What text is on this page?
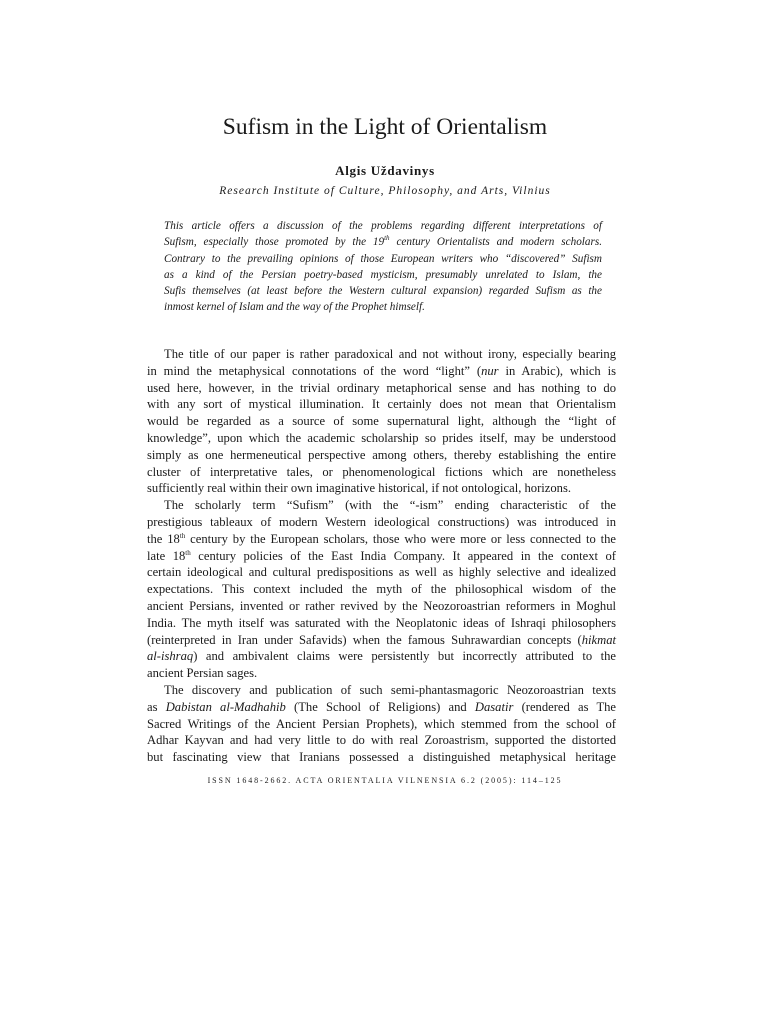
Sufism in the Light of Orientalism
Algis Uždavinys
Research Institute of Culture, Philosophy, and Arts, Vilnius
This article offers a discussion of the problems regarding different interpretations of
Sufism, especially those promoted by the 19th century Orientalists and modern scholars.
Contrary to the prevailing opinions of those European writers who “discovered” Sufism
as a kind of the Persian poetry-based mysticism, presumably unrelated to Islam, the
Sufis themselves (at least before the Western cultural expansion) regarded Sufism as the
inmost kernel of Islam and the way of the Prophet himself.
The title of our paper is rather paradoxical and not without irony, especially bearing
in mind the metaphysical connotations of the word “light” (nur in Arabic), which is
used here, however, in the trivial ordinary metaphorical sense and has nothing to do
with any sort of mystical illumination. It certainly does not mean that Orientalism
would be regarded as a source of some supernatural light, although the “light of
knowledge”, upon which the academic scholarship so prides itself, may be understood
simply as one hermeneutical perspective among others, thereby establishing the entire
cluster of interpretative tales, or phenomenological fictions which are nonetheless
sufficiently real within their own imaginative historical, if not ontological, horizons.
The scholarly term “Sufism” (with the “-ism” ending characteristic of the
prestigious tableaux of modern Western ideological constructions) was introduced in
the 18th century by the European scholars, those who were more or less connected to the
late 18th century policies of the East India Company. It appeared in the context of
certain ideological and cultural predispositions as well as highly selective and idealized
expectations. This context included the myth of the philosophical wisdom of the
ancient Persians, invented or rather revived by the Neozoroastrian reformers in Moghul
India. The myth itself was saturated with the Neoplatonic ideas of Ishraqi philosophers
(reinterpreted in Iran under Safavids) when the famous Suhrawardian concepts (hikmat
al-ishraq) and ambivalent claims were persistently but incorrectly attributed to the
ancient Persian sages.
The discovery and publication of such semi-phantasmagoric Neozoroastrian texts
as Dabistan al-Madhahib (The School of Religions) and Dasatir (rendered as The
Sacred Writings of the Ancient Persian Prophets), which stemmed from the school of
Adhar Kayvan and had very little to do with real Zoroastrism, supported the distorted
but fascinating view that Iranians possessed a distinguished metaphysical heritage
ISSN 1648-2662. ACTA ORIENTALIA VILNENSIA 6.2 (2005): 114–125
